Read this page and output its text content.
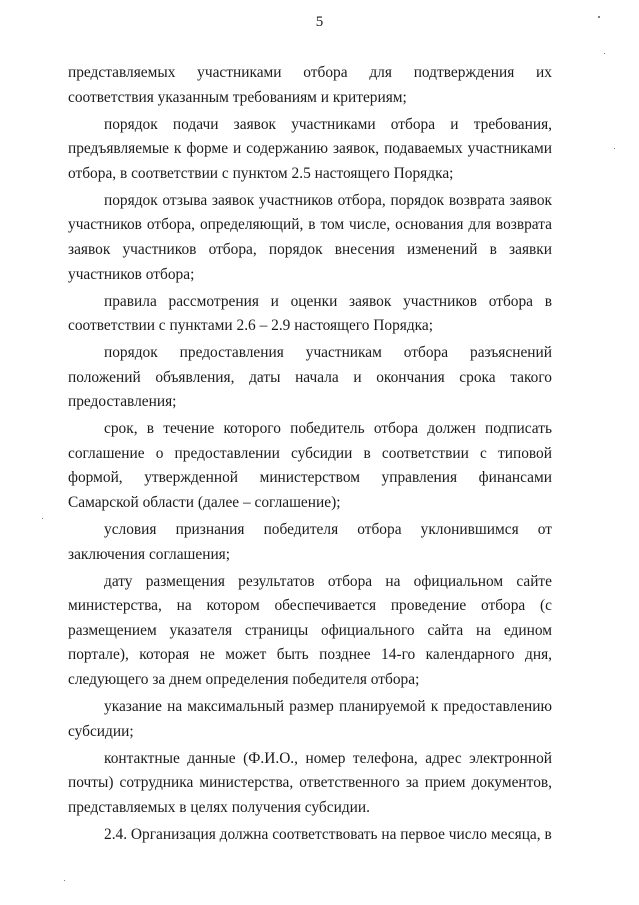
5

представляемых участниками отбора для подтверждения их соответствия указанным требованиям и критериям;

порядок подачи заявок участниками отбора и требования, предъявляемые к форме и содержанию заявок, подаваемых участниками отбора, в соответствии с пунктом 2.5 настоящего Порядка;

порядок отзыва заявок участников отбора, порядок возврата заявок участников отбора, определяющий, в том числе, основания для возврата заявок участников отбора, порядок внесения изменений в заявки участников отбора;

правила рассмотрения и оценки заявок участников отбора в соответствии с пунктами 2.6 – 2.9 настоящего Порядка;

порядок предоставления участникам отбора разъяснений положений объявления, даты начала и окончания срока такого предоставления;

срок, в течение которого победитель отбора должен подписать соглашение о предоставлении субсидии в соответствии с типовой формой, утвержденной министерством управления финансами Самарской области (далее – соглашение);

условия признания победителя отбора уклонившимся от заключения соглашения;

дату размещения результатов отбора на официальном сайте министерства, на котором обеспечивается проведение отбора (с размещением указателя страницы официального сайта на едином портале), которая не может быть позднее 14-го календарного дня, следующего за днем определения победителя отбора;

указание на максимальный размер планируемой к предоставлению субсидии;

контактные данные (Ф.И.О., номер телефона, адрес электронной почты) сотрудника министерства, ответственного за прием документов, представляемых в целях получения субсидии.

2.4. Организация должна соответствовать на первое число месяца, в
